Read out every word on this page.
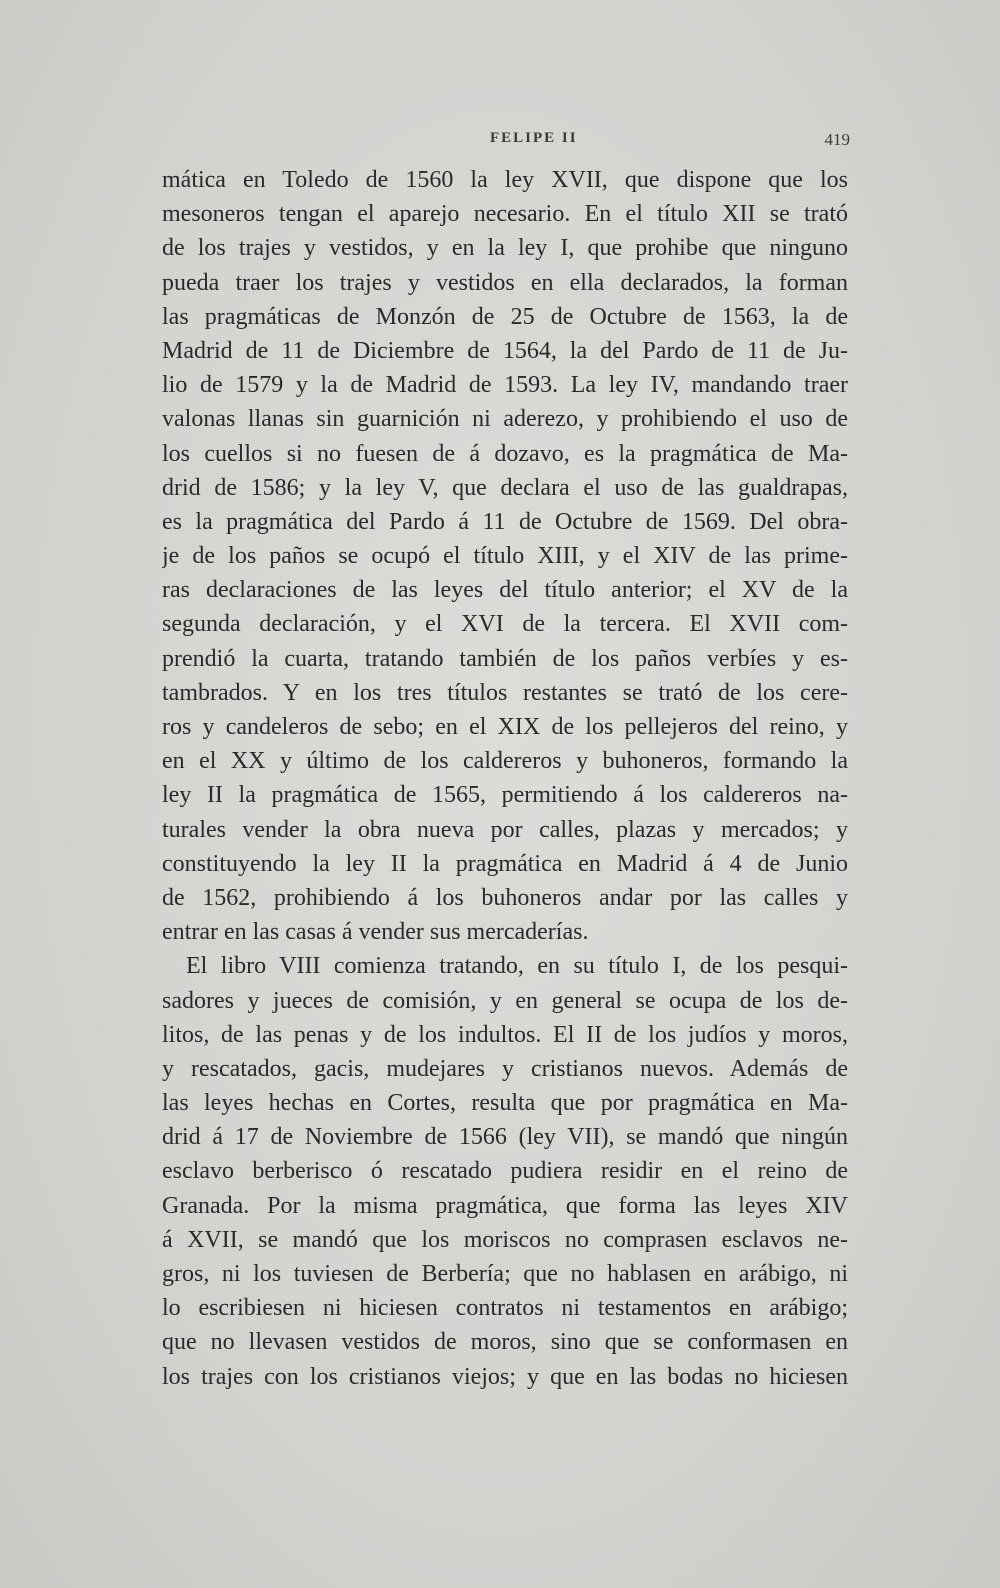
FELIPE II	419
mática en Toledo de 1560 la ley XVII, que dispone que los
mesoneros tengan el aparejo necesario. En el título XII se trató
de los trajes y vestidos, y en la ley I, que prohibe que ninguno
pueda traer los trajes y vestidos en ella declarados, la forman
las pragmáticas de Monzón de 25 de Octubre de 1563, la de
Madrid de 11 de Diciembre de 1564, la del Pardo de 11 de Ju-
lio de 1579 y la de Madrid de 1593. La ley IV, mandando traer
valonas llanas sin guarnición ni aderezo, y prohibiendo el uso de
los cuellos si no fuesen de á dozavo, es la pragmática de Ma-
drid de 1586; y la ley V, que declara el uso de las gualdrapas,
es la pragmática del Pardo á 11 de Octubre de 1569. Del obra-
je de los paños se ocupó el título XIII, y el XIV de las prime-
ras declaraciones de las leyes del título anterior; el XV de la
segunda declaración, y el XVI de la tercera. El XVII com-
prendió la cuarta, tratando también de los paños verbíes y es-
tambrados. Y en los tres títulos restantes se trató de los cere-
ros y candeleros de sebo; en el XIX de los pellejeros del reino, y
en el XX y último de los caldereros y buhoneros, formando la
ley II la pragmática de 1565, permitiendo á los caldereros na-
turales vender la obra nueva por calles, plazas y mercados; y
constituyendo la ley II la pragmática en Madrid á 4 de Junio
de 1562, prohibiendo á los buhoneros andar por las calles y
entrar en las casas á vender sus mercaderías.
El libro VIII comienza tratando, en su título I, de los pesqui-
sadores y jueces de comisión, y en general se ocupa de los de-
litos, de las penas y de los indultos. El II de los judíos y moros,
y rescatados, gacis, mudejares y cristianos nuevos. Además de
las leyes hechas en Cortes, resulta que por pragmática en Ma-
drid á 17 de Noviembre de 1566 (ley VII), se mandó que ningún
esclavo berberisco ó rescatado pudiera residir en el reino de
Granada. Por la misma pragmática, que forma las leyes XIV
á XVII, se mandó que los moriscos no comprasen esclavos ne-
gros, ni los tuviesen de Berbería; que no hablasen en arábigo, ni
lo escribiesen ni hiciesen contratos ni testamentos en arábigo;
que no llevasen vestidos de moros, sino que se conformasen en
los trajes con los cristianos viejos; y que en las bodas no hiciesen
